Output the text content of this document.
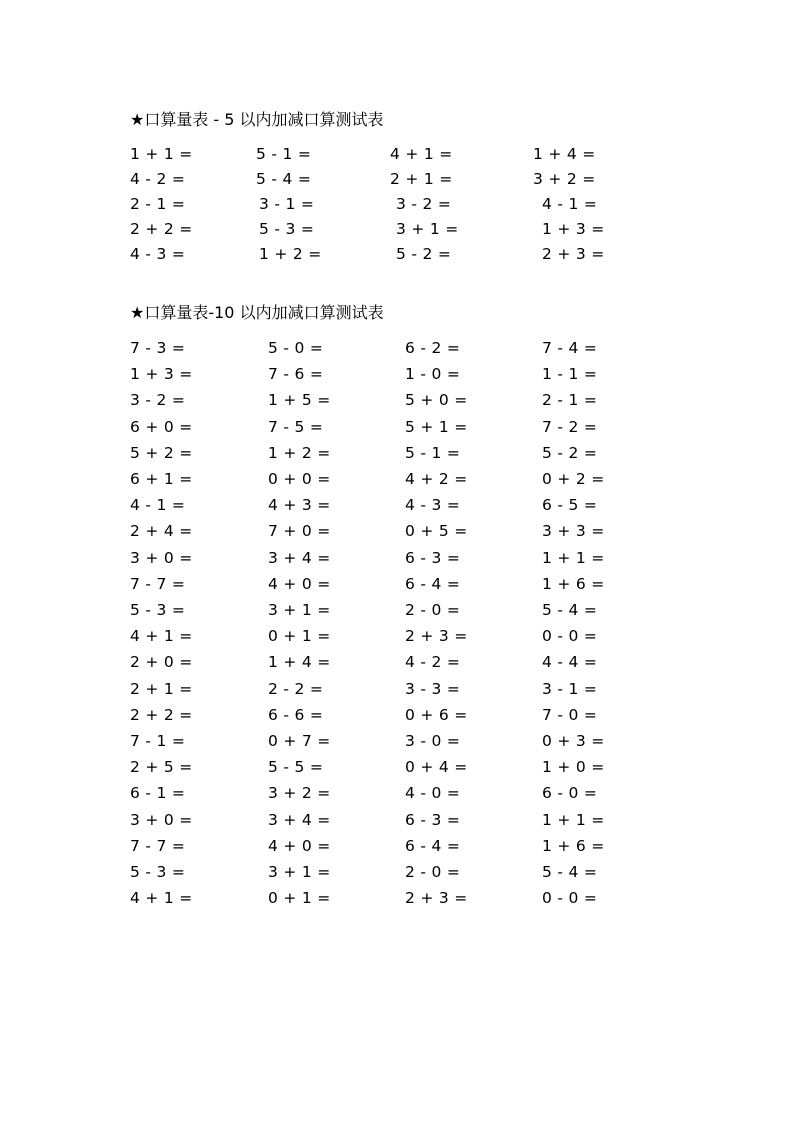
★口算量表 - 5 以内加减口算测试表
1 + 1 =	5 - 1 =	4 + 1 =	1 + 4 =
4 - 2 =	5 - 4 =	2 + 1 =	3 + 2 =
2 - 1 =	3 - 1 =	3 - 2 =	4 - 1 =
2 + 2 =	5 - 3 =	3 + 1 =	1 + 3 =
4 - 3 =	1 + 2 =	5 - 2 =	2 + 3 =
★口算量表-10 以内加减口算测试表
7 - 3 =	5 - 0 =	6 - 2 =	7 - 4 =
1 + 3 =	7 - 6 =	1 - 0 =	1 - 1 =
3 - 2 =	1 + 5 =	5 + 0 =	2 - 1 =
6 + 0 =	7 - 5 =	5 + 1 =	7 - 2 =
5 + 2 =	1 + 2 =	5 - 1 =	5 - 2 =
6 + 1 =	0 + 0 =	4 + 2 =	0 + 2 =
4 - 1 =	4 + 3 =	4 - 3 =	6 - 5 =
2 + 4 =	7 + 0 =	0 + 5 =	3 + 3 =
3 + 0 =	3 + 4 =	6 - 3 =	1 + 1 =
7 - 7 =	4 + 0 =	6 - 4 =	1 + 6 =
5 - 3 =	3 + 1 =	2 - 0 =	5 - 4 =
4 + 1 =	0 + 1 =	2 + 3 =	0 - 0 =
2 + 0 =	1 + 4 =	4 - 2 =	4 - 4 =
2 + 1 =	2 - 2 =	3 - 3 =	3 - 1 =
2 + 2 =	6 - 6 =	0 + 6 =	7 - 0 =
7 - 1 =	0 + 7 =	3 - 0 =	0 + 3 =
2 + 5 =	5 - 5 =	0 + 4 =	1 + 0 =
6 - 1 =	3 + 2 =	4 - 0 =	6 - 0 =
3 + 0 =	3 + 4 =	6 - 3 =	1 + 1 =
7 - 7 =	4 + 0 =	6 - 4 =	1 + 6 =
5 - 3 =	3 + 1 =	2 - 0 =	5 - 4 =
4 + 1 =	0 + 1 =	2 + 3 =	0 - 0 =
